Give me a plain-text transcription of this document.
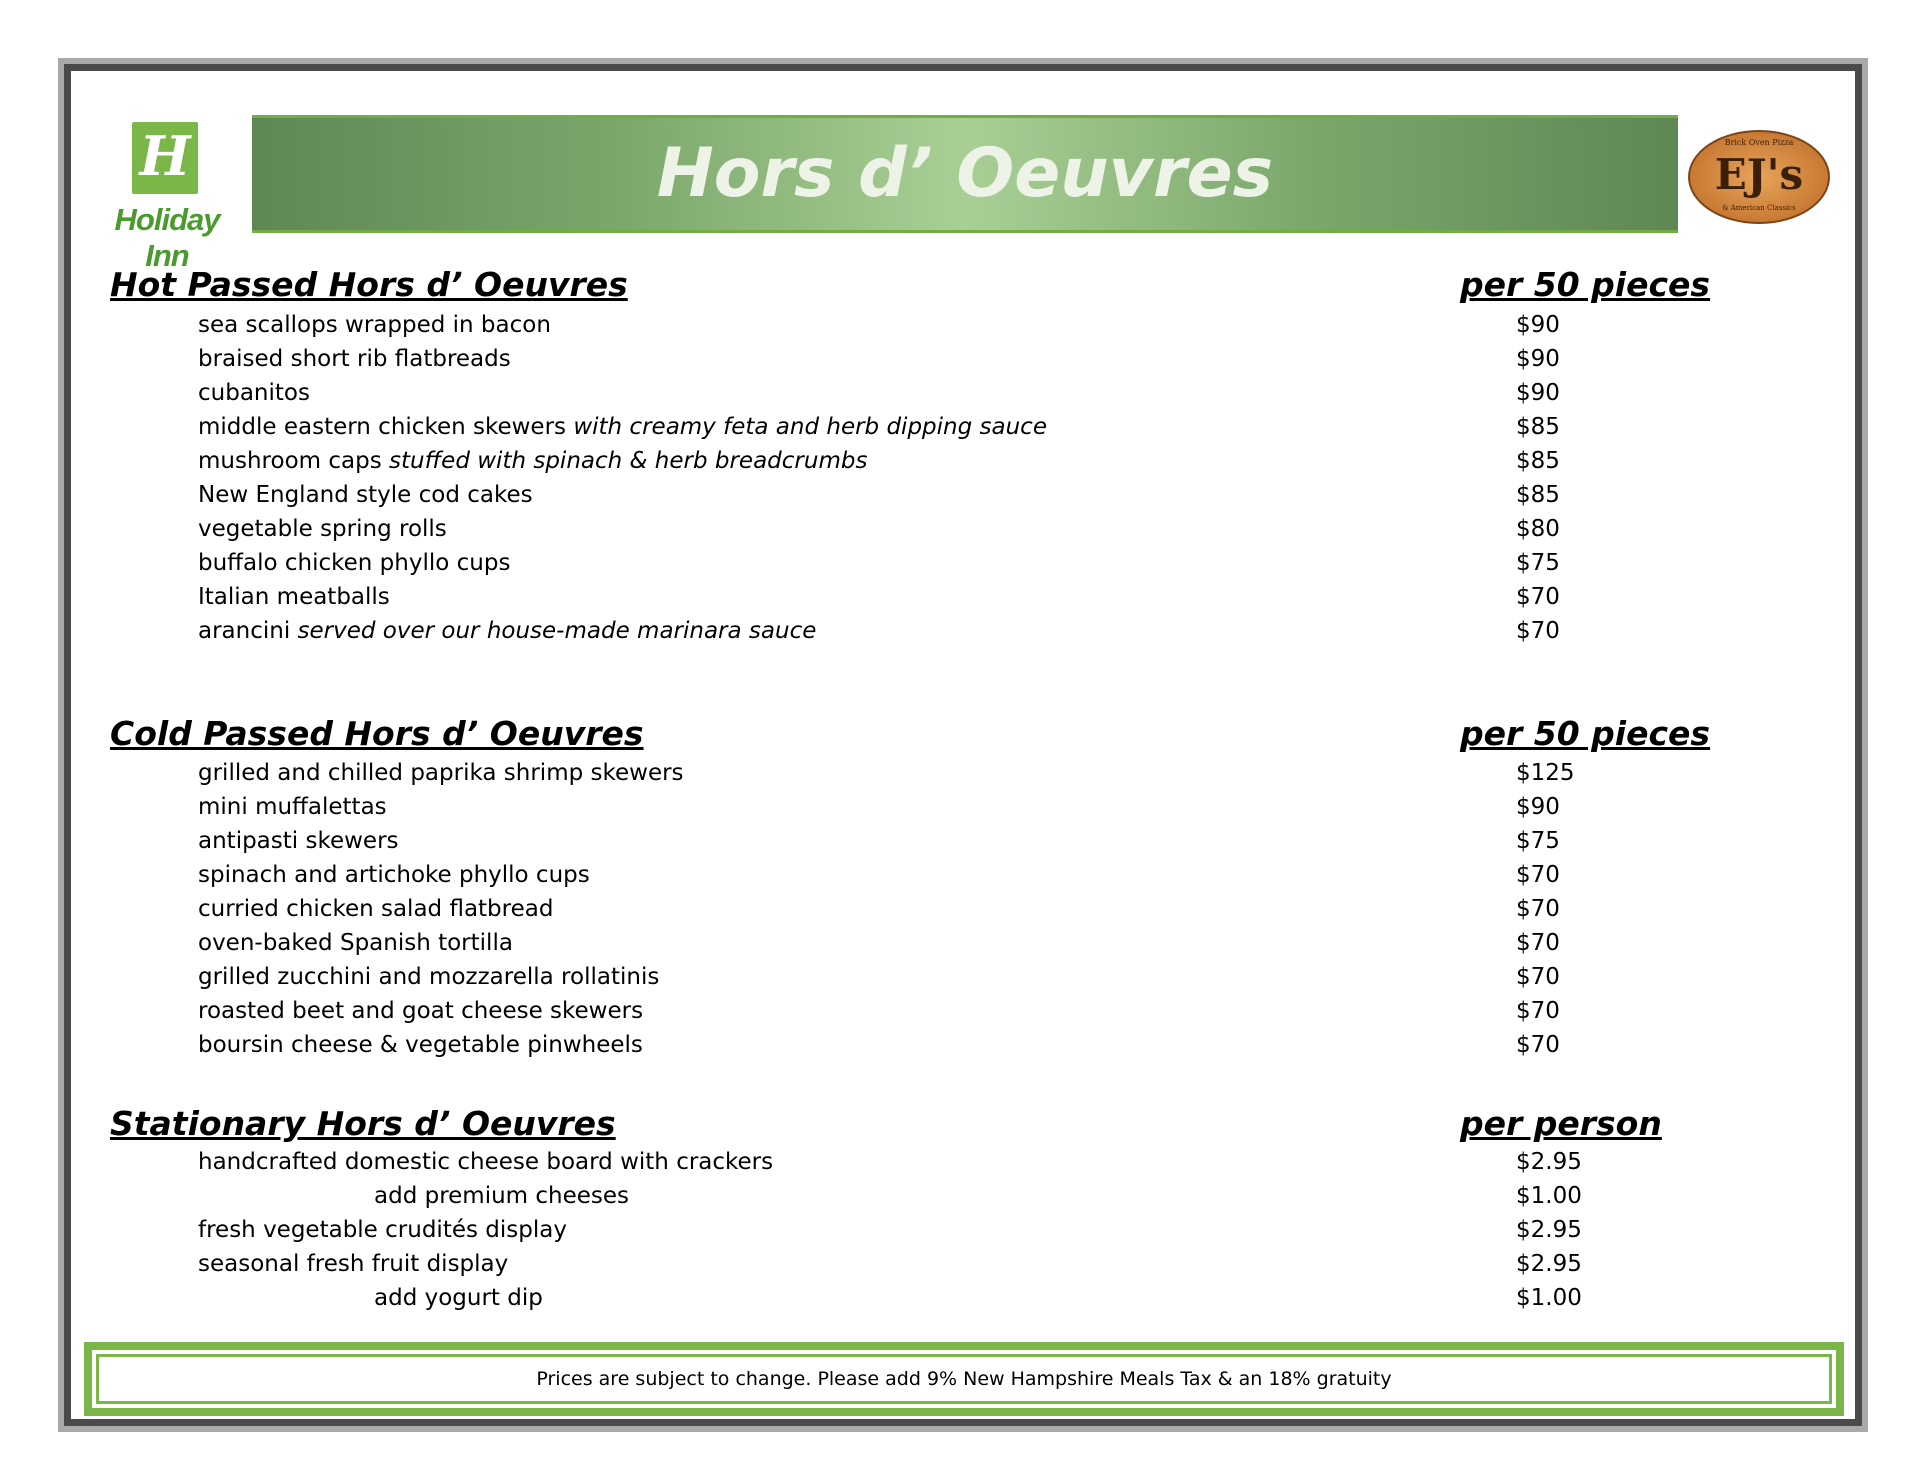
H
Holiday Inn
Hors d’ Oeuvres	Brick Oven Pizza
EJ's
& American Classics
Hot Passed Hors d’ Oeuvres	per 50 pieces
sea scallops wrapped in bacon	$90
braised short rib flatbreads	$90
cubanitos	$90
middle eastern chicken skewers with creamy feta and herb dipping sauce	$85
mushroom caps stuffed with spinach & herb breadcrumbs	$85
New England style cod cakes	$85
vegetable spring rolls	$80
buffalo chicken phyllo cups	$75
Italian meatballs	$70
arancini served over our house-made marinara sauce	$70
Cold Passed Hors d’ Oeuvres	per 50 pieces
grilled and chilled paprika shrimp skewers	$125
mini muffalettas	$90
antipasti skewers	$75
spinach and artichoke phyllo cups	$70
curried chicken salad flatbread	$70
oven-baked Spanish tortilla	$70
grilled zucchini and mozzarella rollatinis	$70
roasted beet and goat cheese skewers	$70
boursin cheese & vegetable pinwheels	$70
Stationary Hors d’ Oeuvres	per person
handcrafted domestic cheese board with crackers	$2.95
add premium cheeses	$1.00
fresh vegetable crudités display	$2.95
seasonal fresh fruit display	$2.95
add yogurt dip	$1.00
Prices are subject to change. Please add 9% New Hampshire Meals Tax & an 18% gratuity
